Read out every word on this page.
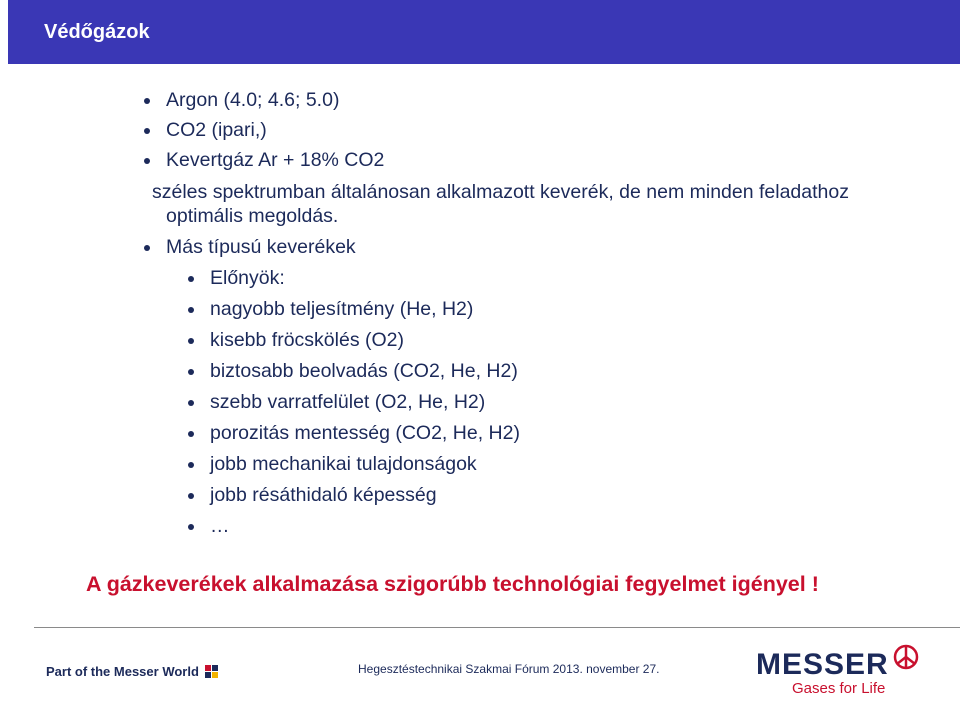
Védőgázok
Argon (4.0; 4.6; 5.0)
CO2 (ipari,)
Kevertgáz Ar + 18% CO2
széles spektrumban általánosan alkalmazott keverék, de nem minden feladathoz
optimális megoldás.
Más típusú keverékek
Előnyök:
nagyobb teljesítmény (He, H2)
kisebb fröcskölés (O2)
biztosabb beolvadás (CO2, He, H2)
szebb varratfelület (O2, He, H2)
porozitás mentesség (CO2, He, H2)
jobb mechanikai tulajdonságok
jobb résáthidaló képesség
…
A gázkeverékek alkalmazása szigorúbb technológiai fegyelmet igényel !
Part of the Messer World	Hegesztéstechnikai Szakmai Fórum 2013. november 27.	MESSER
Gases for Life
